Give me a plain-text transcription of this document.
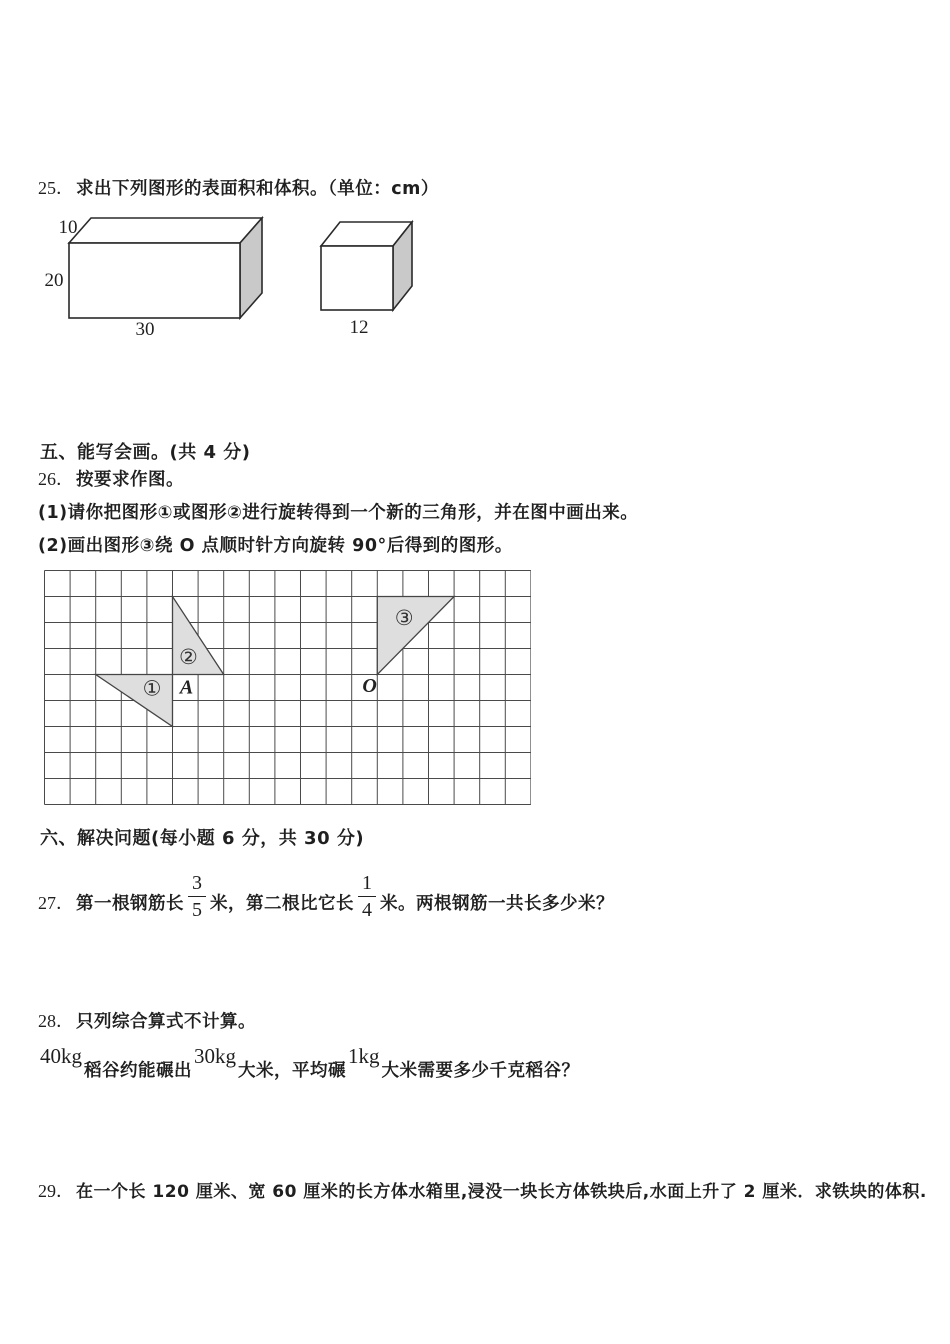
25． 求出下列图形的表面积和体积。（单位：cm）
10
20
30	12
五、能写会画。(共 4 分)
26． 按要求作图。
(1)请你把图形①或图形②进行旋转得到一个新的三角形，并在图中画出来。
(2)画出图形③绕 O 点顺时针方向旋转 90°后得到的图形。
①
②
③
A	O
六、解决问题(每小题 6 分，共 30 分)
27． 第一根钢筋长 $\frac{3}{5}$ 米，第二根比它长 $\frac{1}{4}$ 米。两根钢筋一共长多少米？
28． 只列综合算式不计算。
40kg稻谷约能碾出30kg大米，平均碾1kg大米需要多少千克稻谷？
29． 在一个长 120 厘米、宽 60 厘米的长方体水箱里,浸没一块长方体铁块后,水面上升了 2 厘米．求铁块的体积.
